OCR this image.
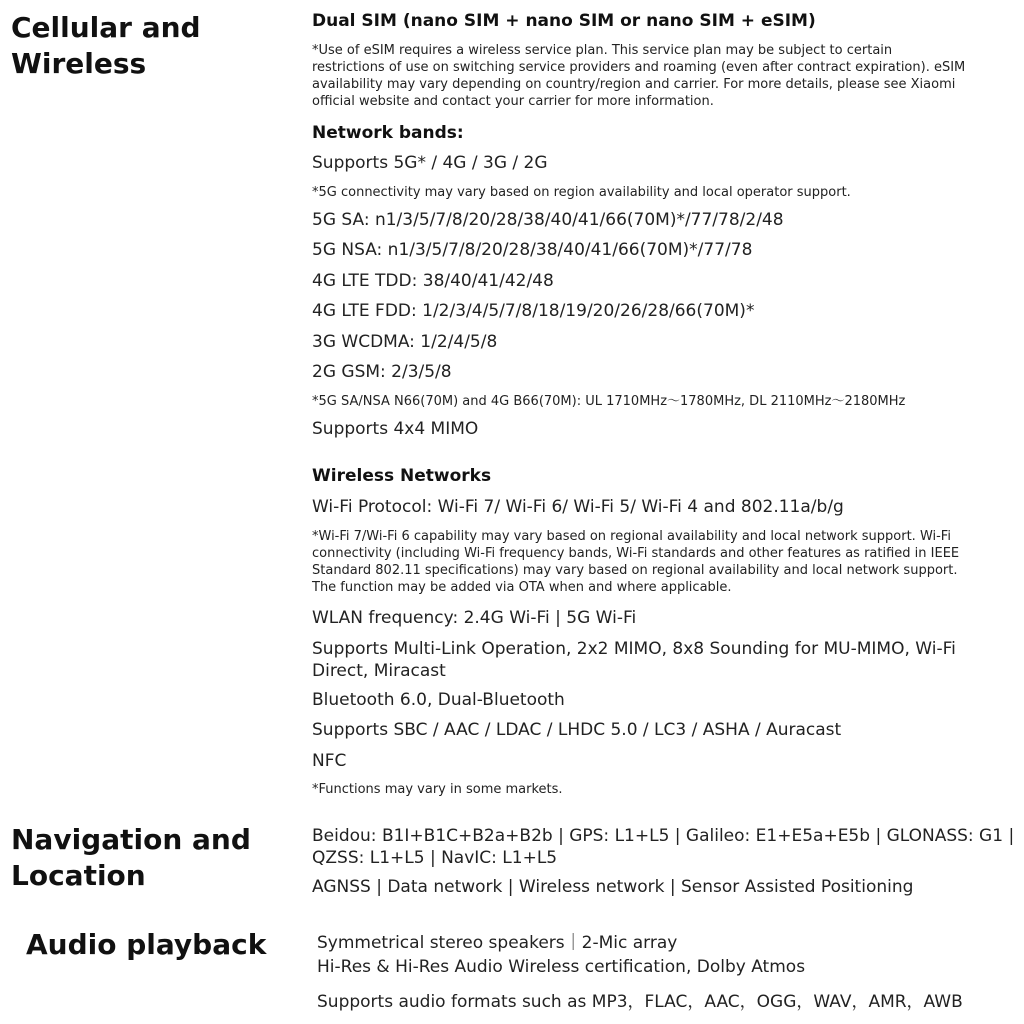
Cellular and
Wireless
Dual SIM (nano SIM + nano SIM or nano SIM + eSIM)
*Use of eSIM requires a wireless service plan. This service plan may be subject to certain
restrictions of use on switching service providers and roaming (even after contract expiration). eSIM
availability may vary depending on country/region and carrier. For more details, please see Xiaomi
official website and contact your carrier for more information.
Network bands:
Supports 5G* / 4G / 3G / 2G
*5G connectivity may vary based on region availability and local operator support.
5G SA: n1/3/5/7/8/20/28/38/40/41/66(70M)*/77/78/2/48
5G NSA: n1/3/5/7/8/20/28/38/40/41/66(70M)*/77/78
4G LTE TDD: 38/40/41/42/48
4G LTE FDD: 1/2/3/4/5/7/8/18/19/20/26/28/66(70M)*
3G WCDMA: 1/2/4/5/8
2G GSM: 2/3/5/8
*5G SA/NSA N66(70M) and 4G B66(70M): UL 1710MHz～1780MHz, DL 2110MHz～2180MHz
Supports 4x4 MIMO
Wireless Networks
Wi-Fi Protocol: Wi-Fi 7/ Wi-Fi 6/ Wi-Fi 5/ Wi-Fi 4 and 802.11a/b/g
*Wi-Fi 7/Wi-Fi 6 capability may vary based on regional availability and local network support. Wi-Fi
connectivity (including Wi-Fi frequency bands, Wi-Fi standards and other features as ratified in IEEE
Standard 802.11 specifications) may vary based on regional availability and local network support.
The function may be added via OTA when and where applicable.
WLAN frequency: 2.4G Wi-Fi | 5G Wi-Fi
Supports Multi-Link Operation, 2x2 MIMO, 8x8 Sounding for MU-MIMO, Wi-Fi
Direct, Miracast
Bluetooth 6.0, Dual-Bluetooth
Supports SBC / AAC / LDAC / LHDC 5.0 / LC3 / ASHA / Auracast
NFC
*Functions may vary in some markets.
Navigation and
Location
Beidou: B1I+B1C+B2a+B2b | GPS: L1+L5 | Galileo: E1+E5a+E5b | GLONASS: G1 |
QZSS: L1+L5 | NavIC: L1+L5
AGNSS | Data network | Wireless network | Sensor Assisted Positioning
Audio playback	Symmetrical stereo speakers｜2-Mic array
Hi-Res & Hi-Res Audio Wireless certification, Dolby Atmos
Supports audio formats such as MP3，FLAC，AAC，OGG，WAV，AMR，AWB
